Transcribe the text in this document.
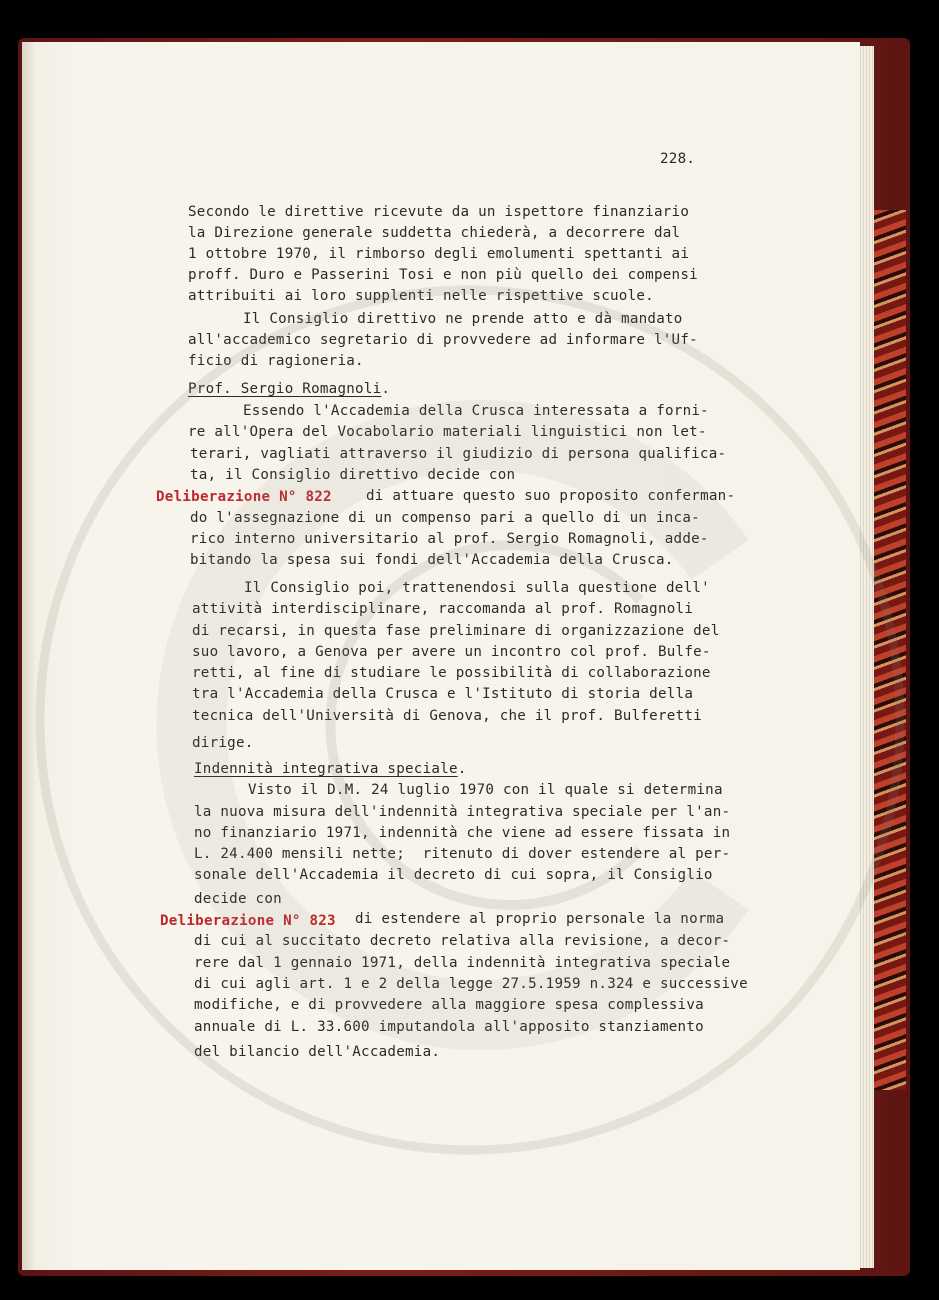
228.
Secondo le direttive ricevute da un ispettore finanziario
la Direzione generale suddetta chiederà, a decorrere dal
1 ottobre 1970, il rimborso degli emolumenti spettanti ai
proff. Duro e Passerini Tosi e non più quello dei compensi
attribuiti ai loro supplenti nelle rispettive scuole.
Il Consiglio direttivo ne prende atto e dà mandato
all'accademico segretario di provvedere ad informare l'Uf-
ficio di ragioneria.
Prof. Sergio Romagnoli.
Essendo l'Accademia della Crusca interessata a forni-
re all'Opera del Vocabolario materiali linguistici non let-
terari, vagliati attraverso il giudizio di persona qualifica-
ta, il Consiglio direttivo decide con
Deliberazione N° 822 di attuare questo suo proposito conferman-
do l'assegnazione di un compenso pari a quello di un inca-
rico interno universitario al prof. Sergio Romagnoli, adde-
bitando la spesa sui fondi dell'Accademia della Crusca.
Il Consiglio poi, trattenendosi sulla questione dell'
attività interdisciplinare, raccomanda al prof. Romagnoli
di recarsi, in questa fase preliminare di organizzazione del
suo lavoro, a Genova per avere un incontro col prof. Bulfe-
retti, al fine di studiare le possibilità di collaborazione
tra l'Accademia della Crusca e l'Istituto di storia della
tecnica dell'Università di Genova, che il prof. Bulferetti
dirige.
Indennità integrativa speciale.
Visto il D.M. 24 luglio 1970 con il quale si determina
la nuova misura dell'indennità integrativa speciale per l'an-
no finanziario 1971, indennità che viene ad essere fissata in
L. 24.400 mensili nette;  ritenuto di dover estendere al per-
sonale dell'Accademia il decreto di cui sopra, il Consiglio
decide con
Deliberazione N° 823 di estendere al proprio personale la norma
di cui al succitato decreto relativa alla revisione, a decor-
rere dal 1 gennaio 1971, della indennità integrativa speciale
di cui agli art. 1 e 2 della legge 27.5.1959 n.324 e successive
modifiche, e di provvedere alla maggiore spesa complessiva
annuale di L. 33.600 imputandola all'apposito stanziamento
del bilancio dell'Accademia.
